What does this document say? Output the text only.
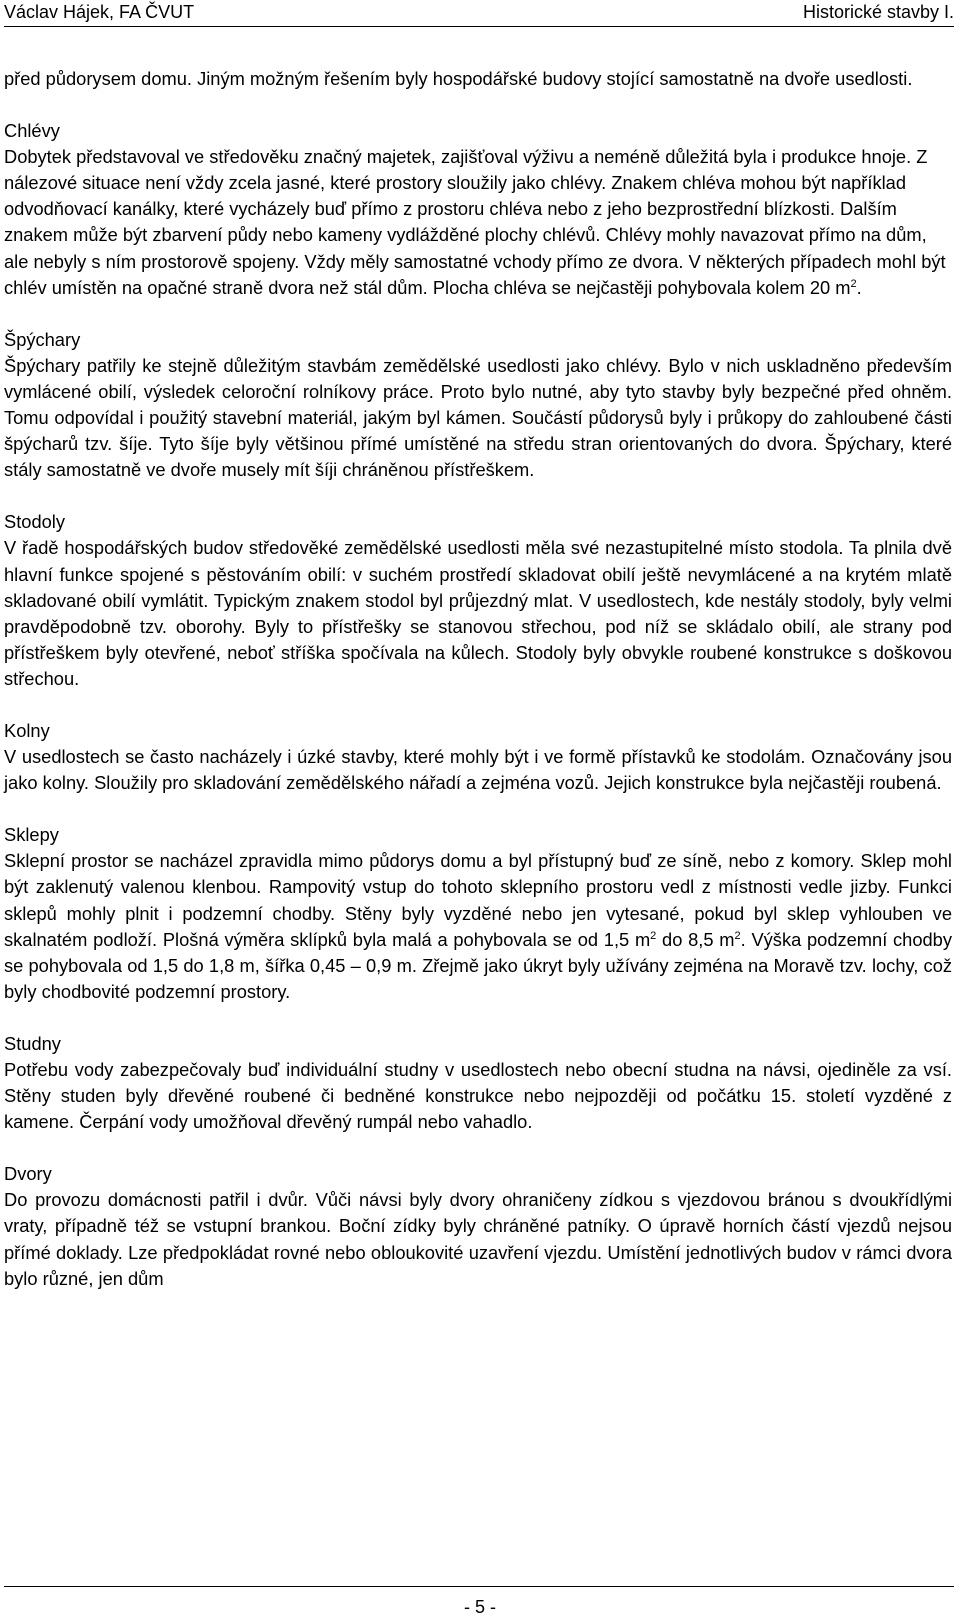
Václav Hájek, FA ČVUT	Historické stavby I.

před půdorysem domu. Jiným možným řešením byly hospodářské budovy stojící samostatně na dvoře usedlosti.

Chlévy

Dobytek představoval ve středověku značný majetek, zajišťoval výživu a neméně důležitá byla i produkce hnoje. Z nálezové situace není vždy zcela jasné, které prostory sloužily jako chlévy. Znakem chléva mohou být například odvodňovací kanálky, které vycházely buď přímo z prostoru chléva nebo z jeho bezprostřední blízkosti. Dalším znakem může být zbarvení půdy nebo kameny vydlážděné plochy chlévů. Chlévy mohly navazovat přímo na dům, ale nebyly s ním prostorově spojeny. Vždy měly samostatné vchody přímo ze dvora. V některých případech mohl být chlév umístěn na opačné straně dvora než stál dům. Plocha chléva se nejčastěji pohybovala kolem 20 $m^2$.

Špýchary

Špýchary patřily ke stejně důležitým stavbám zemědělské usedlosti jako chlévy. Bylo v nich uskladněno především vymlácené obilí, výsledek celoroční rolníkovy práce. Proto bylo nutné, aby tyto stavby byly bezpečné před ohněm. Tomu odpovídal i použitý stavební materiál, jakým byl kámen. Součástí půdorysů byly i průkopy do zahloubené části špýcharů tzv. šíje. Tyto šíje byly většinou přímé umístěné na středu stran orientovaných do dvora. Špýchary, které stály samostatně ve dvoře musely mít šíji chráněnou přístřeškem.

Stodoly

V řadě hospodářských budov středověké zemědělské usedlosti měla své nezastupitelné místo stodola. Ta plnila dvě hlavní funkce spojené s pěstováním obilí: v suchém prostředí skladovat obilí ještě nevymlácené a na krytém mlatě skladované obilí vymlátit. Typickým znakem stodol byl průjezdný mlat. V usedlostech, kde nestály stodoly, byly velmi pravděpodobně tzv. oborohy. Byly to přístřešky se stanovou střechou, pod níž se skládalo obilí, ale strany pod přístřeškem byly otevřené, neboť stříška spočívala na kůlech. Stodoly byly obvykle roubené konstrukce s doškovou střechou.

Kolny

V usedlostech se často nacházely i úzké stavby, které mohly být i ve formě přístavků ke stodolám. Označovány jsou jako kolny. Sloužily pro skladování zemědělského nářadí a zejména vozů. Jejich konstrukce byla nejčastěji roubená.

Sklepy

Sklepní prostor se nacházel zpravidla mimo půdorys domu a byl přístupný buď ze síně, nebo z komory. Sklep mohl být zaklenutý valenou klenbou. Rampovitý vstup do tohoto sklepního prostoru vedl z místnosti vedle jizby. Funkci sklepů mohly plnit i podzemní chodby. Stěny byly vyzděné nebo jen vytesané, pokud byl sklep vyhlouben ve skalnatém podloží. Plošná výměra sklípků byla malá a pohybovala se od 1,5 $m^2$ do 8,5 $m^2$. Výška podzemní chodby se pohybovala od 1,5 do 1,8 m, šířka 0,45 – 0,9 m. Zřejmě jako úkryt byly užívány zejména na Moravě tzv. lochy, což byly chodbovité podzemní prostory.

Studny

Potřebu vody zabezpečovaly buď individuální studny v usedlostech nebo obecní studna na návsi, ojediněle za vsí. Stěny studen byly dřevěné roubené či bedněné konstrukce nebo nejpozději od počátku 15. století vyzděné z kamene. Čerpání vody umožňoval dřevěný rumpál nebo vahadlo.

Dvory

Do provozu domácnosti patřil i dvůr. Vůči návsi byly dvory ohraničeny zídkou s vjezdovou bránou s dvoukřídlými vraty, případně též se vstupní brankou. Boční zídky byly chráněné patníky. O úpravě horních částí vjezdů nejsou přímé doklady. Lze předpokládat rovné nebo obloukovité uzavření vjezdu. Umístění jednotlivých budov v rámci dvora bylo různé, jen dům

- 5 -
